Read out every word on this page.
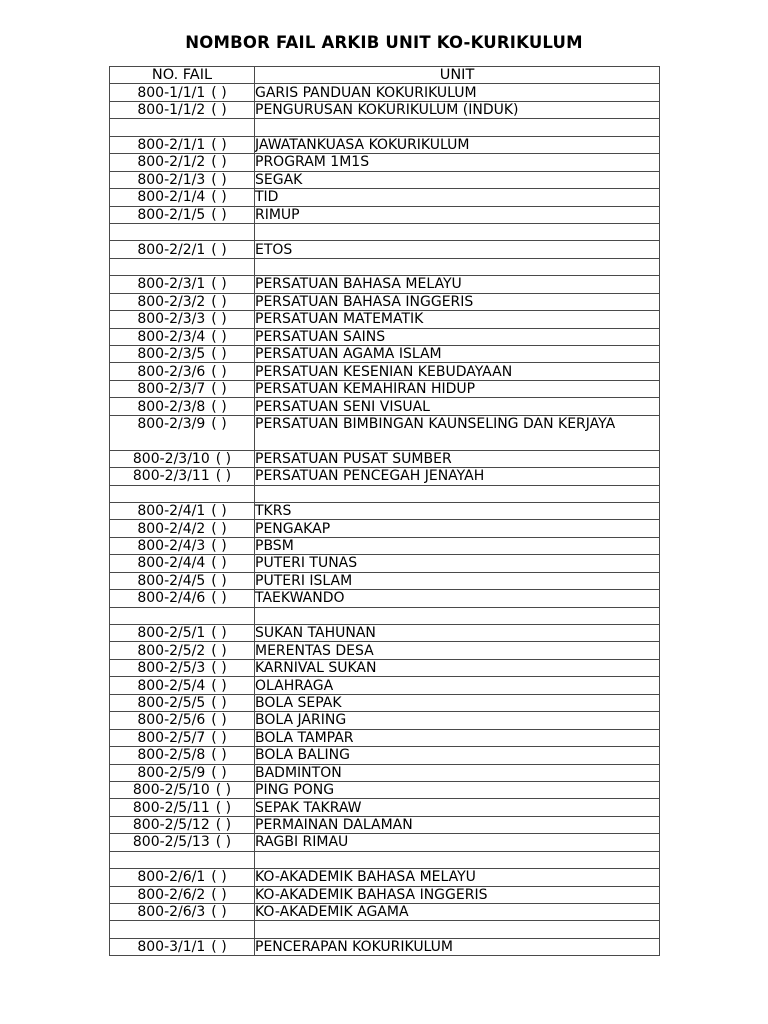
NOMBOR FAIL ARKIB UNIT KO-KURIKULUM
NO. FAIL	UNIT
800-1/1/1 ( )	GARIS PANDUAN KOKURIKULUM
800-1/1/2 ( )	PENGURUSAN KOKURIKULUM (INDUK)

800-2/1/1 ( )	JAWATANKUASA KOKURIKULUM
800-2/1/2 ( )	PROGRAM 1M1S
800-2/1/3 ( )	SEGAK
800-2/1/4 ( )	TID
800-2/1/5 ( )	RIMUP

800-2/2/1 ( )	ETOS

800-2/3/1 ( )	PERSATUAN BAHASA MELAYU
800-2/3/2 ( )	PERSATUAN BAHASA INGGERIS
800-2/3/3 ( )	PERSATUAN MATEMATIK
800-2/3/4 ( )	PERSATUAN SAINS
800-2/3/5 ( )	PERSATUAN AGAMA ISLAM
800-2/3/6 ( )	PERSATUAN KESENIAN KEBUDAYAAN
800-2/3/7 ( )	PERSATUAN KEMAHIRAN HIDUP
800-2/3/8 ( )	PERSATUAN SENI VISUAL
800-2/3/9 ( )	PERSATUAN BIMBINGAN KAUNSELING DAN KERJAYA
800-2/3/10 ( )	PERSATUAN PUSAT SUMBER
800-2/3/11 ( )	PERSATUAN PENCEGAH JENAYAH

800-2/4/1 ( )	TKRS
800-2/4/2 ( )	PENGAKAP
800-2/4/3 ( )	PBSM
800-2/4/4 ( )	PUTERI TUNAS
800-2/4/5 ( )	PUTERI ISLAM
800-2/4/6 ( )	TAEKWANDO

800-2/5/1 ( )	SUKAN TAHUNAN
800-2/5/2 ( )	MERENTAS DESA
800-2/5/3 ( )	KARNIVAL SUKAN
800-2/5/4 ( )	OLAHRAGA
800-2/5/5 ( )	BOLA SEPAK
800-2/5/6 ( )	BOLA JARING
800-2/5/7 ( )	BOLA TAMPAR
800-2/5/8 ( )	BOLA BALING
800-2/5/9 ( )	BADMINTON
800-2/5/10 ( )	PING PONG
800-2/5/11 ( )	SEPAK TAKRAW
800-2/5/12 ( )	PERMAINAN DALAMAN
800-2/5/13 ( )	RAGBI RIMAU

800-2/6/1 ( )	KO-AKADEMIK BAHASA MELAYU
800-2/6/2 ( )	KO-AKADEMIK BAHASA INGGERIS
800-2/6/3 ( )	KO-AKADEMIK AGAMA

800-3/1/1 ( )	PENCERAPAN KOKURIKULUM
